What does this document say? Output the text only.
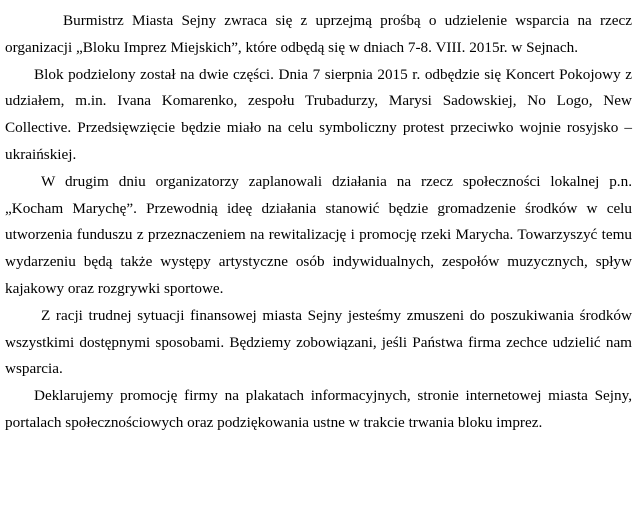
Burmistrz Miasta Sejny zwraca się z uprzejmą prośbą o udzielenie wsparcia na rzecz organizacji „Bloku Imprez Miejskich”, które odbędą się w dniach 7-8. VIII. 2015r. w Sejnach.

Blok podzielony został na dwie części. Dnia 7 sierpnia 2015 r. odbędzie się Koncert Pokojowy z udziałem, m.in. Ivana Komarenko, zespołu Trubadurzy, Marysi Sadowskiej, No Logo, New Collective. Przedsięwzięcie będzie miało na celu symboliczny protest przeciwko wojnie rosyjsko – ukraińskiej.

W drugim dniu organizatorzy zaplanowali działania na rzecz społeczności lokalnej p.n. „Kocham Marychę”. Przewodnią ideę działania stanowić będzie gromadzenie środków w celu utworzenia funduszu z przeznaczeniem na rewitalizację i promocję rzeki Marycha. Towarzyszyć temu wydarzeniu będą także występy artystyczne osób indywidualnych, zespołów muzycznych, spływ kajakowy oraz rozgrywki sportowe.

Z racji trudnej sytuacji finansowej miasta Sejny jesteśmy zmuszeni do poszukiwania środków wszystkimi dostępnymi sposobami. Będziemy zobowiązani, jeśli Państwa firma zechce udzielić nam wsparcia.

Deklarujemy promocję firmy na plakatach informacyjnych, stronie internetowej miasta Sejny, portalach społecznościowych oraz podziękowania ustne w trakcie trwania bloku imprez.
